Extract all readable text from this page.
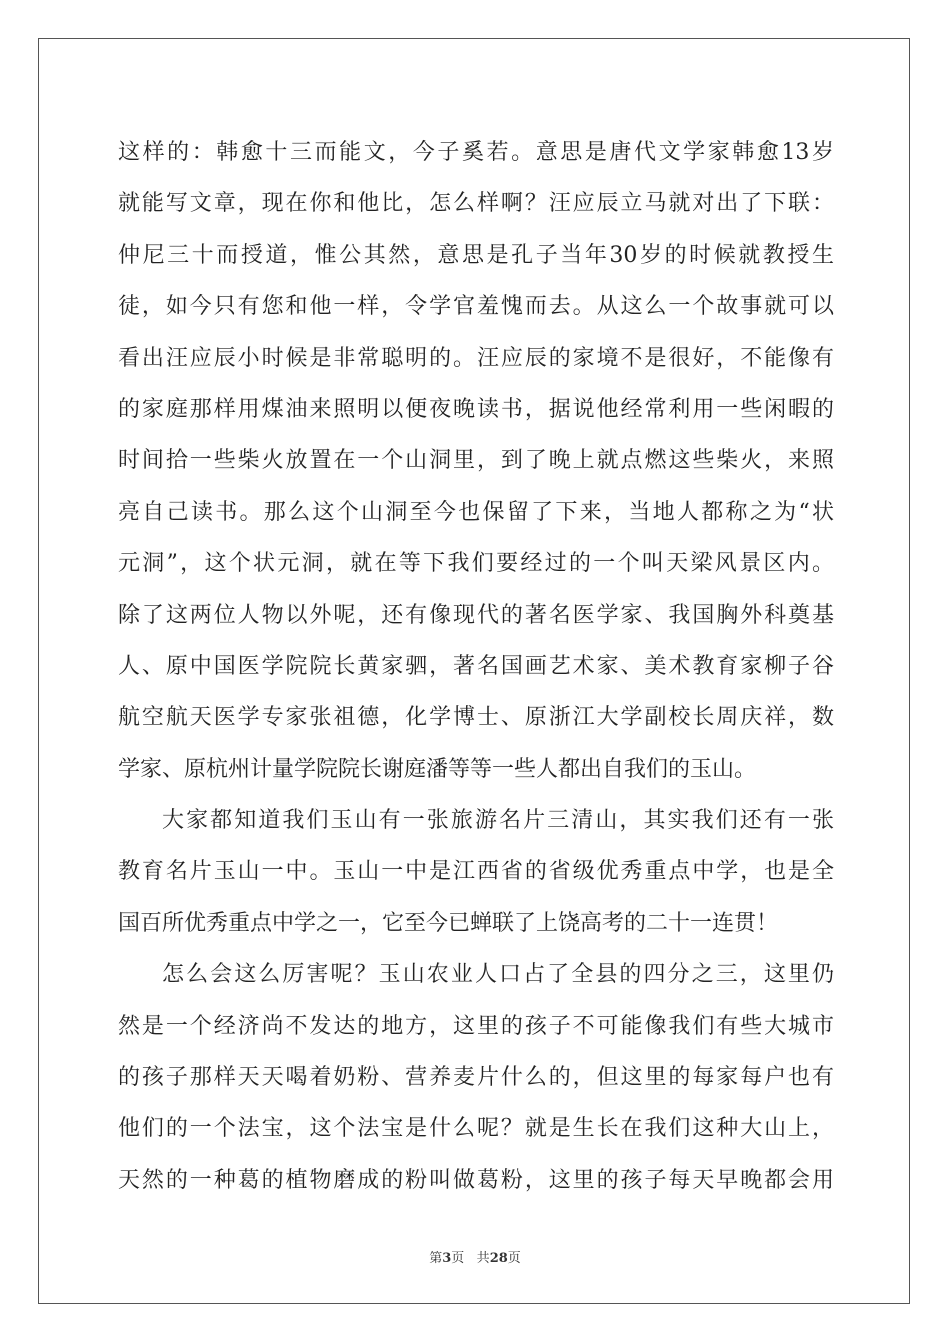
这样的：韩愈十三而能文，今子奚若。意思是唐代文学家韩愈13岁
就能写文章，现在你和他比，怎么样啊？汪应辰立马就对出了下联：
仲尼三十而授道，惟公其然，意思是孔子当年30岁的时候就教授生
徒，如今只有您和他一样，令学官羞愧而去。从这么一个故事就可以
看出汪应辰小时候是非常聪明的。汪应辰的家境不是很好，不能像有
的家庭那样用煤油来照明以便夜晚读书，据说他经常利用一些闲暇的
时间拾一些柴火放置在一个山洞里，到了晚上就点燃这些柴火，来照
亮自己读书。那么这个山洞至今也保留了下来，当地人都称之为“状
元洞”，这个状元洞，就在等下我们要经过的一个叫天梁风景区内。
除了这两位人物以外呢，还有像现代的著名医学家、我国胸外科奠基
人、原中国医学院院长黄家驷，著名国画艺术家、美术教育家柳子谷
航空航天医学专家张祖德，化学博士、原浙江大学副校长周庆祥，数
学家、原杭州计量学院院长谢庭潘等等一些人都出自我们的玉山。
大家都知道我们玉山有一张旅游名片三清山，其实我们还有一张
教育名片玉山一中。玉山一中是江西省的省级优秀重点中学，也是全
国百所优秀重点中学之一，它至今已蝉联了上饶高考的二十一连贯！
怎么会这么厉害呢？玉山农业人口占了全县的四分之三，这里仍
然是一个经济尚不发达的地方，这里的孩子不可能像我们有些大城市
的孩子那样天天喝着奶粉、营养麦片什么的，但这里的每家每户也有
他们的一个法宝，这个法宝是什么呢？就是生长在我们这种大山上，
天然的一种葛的植物磨成的粉叫做葛粉，这里的孩子每天早晚都会用
第3页 共28页
